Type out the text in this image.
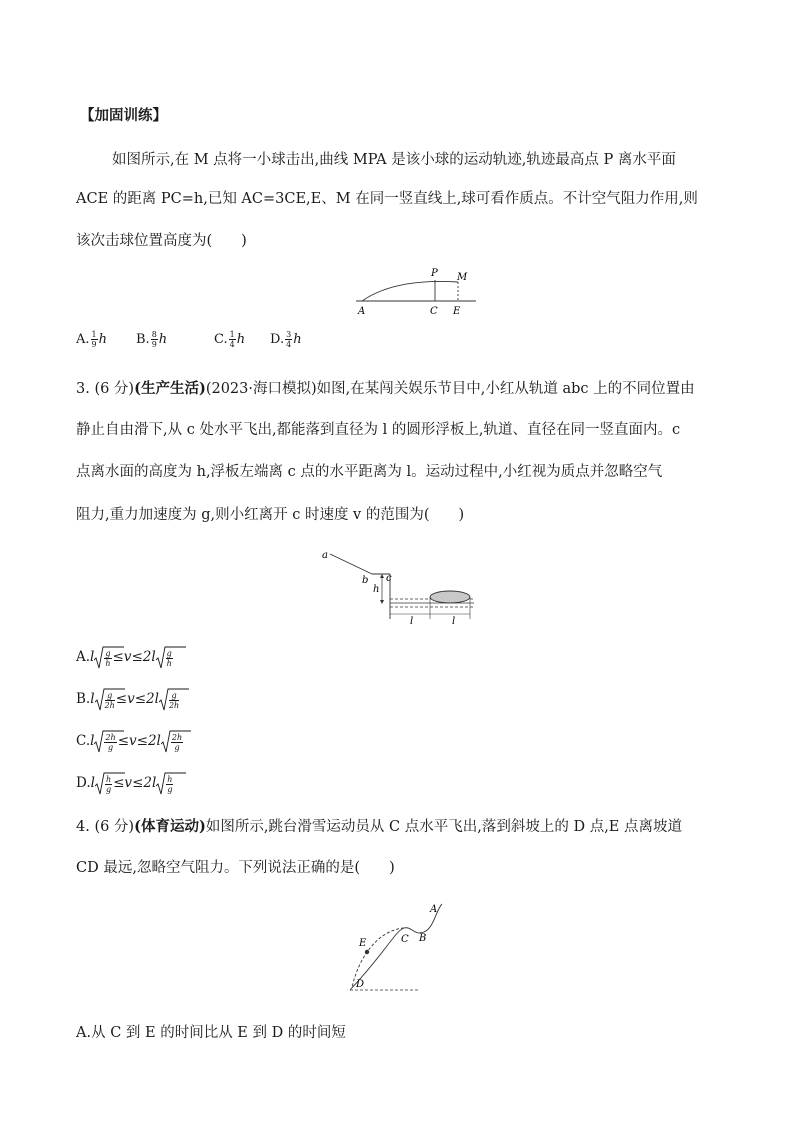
【加固训练】
如图所示,在 M 点将一小球击出,曲线 MPA 是该小球的运动轨迹,轨迹最高点 P 离水平面
ACE 的距离 PC=h,已知 AC=3CE,E、M 在同一竖直线上,球可看作质点。不计空气阻力作用,则
该次击球位置高度为(　　)
P M
A	C E
A. $\frac{1}{9}$ h B. $\frac{8}{9}$ h	C. $\frac{1}{4}$ h D. $\frac{3}{4}$ h
3. (6 分)(生产生活)(2023·海口模拟)如图,在某闯关娱乐节目中,小红从轨道 abc 上的不同位置由
静止自由滑下,从 c 处水平飞出,都能落到直径为 l 的圆形浮板上,轨道、直径在同一竖直面内。c
点离水面的高度为 h,浮板左端离 c 点的水平距离为 l。运动过程中,小红视为质点并忽略空气
阻力,重力加速度为 g,则小红离开 c 时速度 v 的范围为(　　)
a
b c
h
l	l
$A.l \frac{g}{h} \le v\le 2l \frac{g}{h}$
$B.l \frac{g}{2h} \le v\le 2l \frac{g}{2h}$
$C.l \frac{2h}{g} \le v\le 2l \frac{2h}{g}$
$D.l \frac{h}{g} \le v\le 2l \frac{h}{g}$
4. (6 分)(体育运动)如图所示,跳台滑雪运动员从 C 点水平飞出,落到斜坡上的 D 点,E 点离坡道
CD 最远,忽略空气阻力。下列说法正确的是(　　)
A
B
C
E
D
A.从 C 到 E 的时间比从 E 到 D 的时间短
